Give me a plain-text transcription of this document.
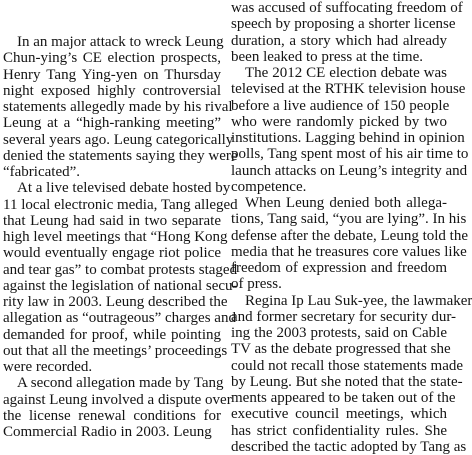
In an major attack to wreck Leung
Chun-ying’s CE election prospects,
Henry Tang Ying-yen on Thursday
night exposed highly controversial
statements allegedly made by his rival
Leung at a “high-ranking meeting”
several years ago. Leung categorically
denied the statements saying they were
“fabricated”.
At a live televised debate hosted by
11 local electronic media, Tang alleged
that Leung had said in two separate
high level meetings that “Hong Kong
would eventually engage riot police
and tear gas” to combat protests staged
against the legislation of national secu-
rity law in 2003. Leung described the
allegation as “outrageous” charges and
demanded for proof, while pointing
out that all the meetings’ proceedings
were recorded.
A second allegation made by Tang
against Leung involved a dispute over
the license renewal conditions for
Commercial Radio in 2003. Leung
was accused of suffocating freedom of
speech by proposing a shorter license
duration, a story which had already
been leaked to press at the time.
The 2012 CE election debate was
televised at the RTHK television house
before a live audience of 150 people
who were randomly picked by two
institutions. Lagging behind in opinion
polls, Tang spent most of his air time to
launch attacks on Leung’s integrity and
competence.
When Leung denied both allega-
tions, Tang said, “you are lying”. In his
defense after the debate, Leung told the
media that he treasures core values like
freedom of expression and freedom
of press.
Regina Ip Lau Suk-yee, the lawmaker
and former secretary for security dur-
ing the 2003 protests, said on Cable
TV as the debate progressed that she
could not recall those statements made
by Leung. But she noted that the state-
ments appeared to be taken out of the
executive council meetings, which
has strict confidentiality rules. She
described the tactic adopted by Tang as
